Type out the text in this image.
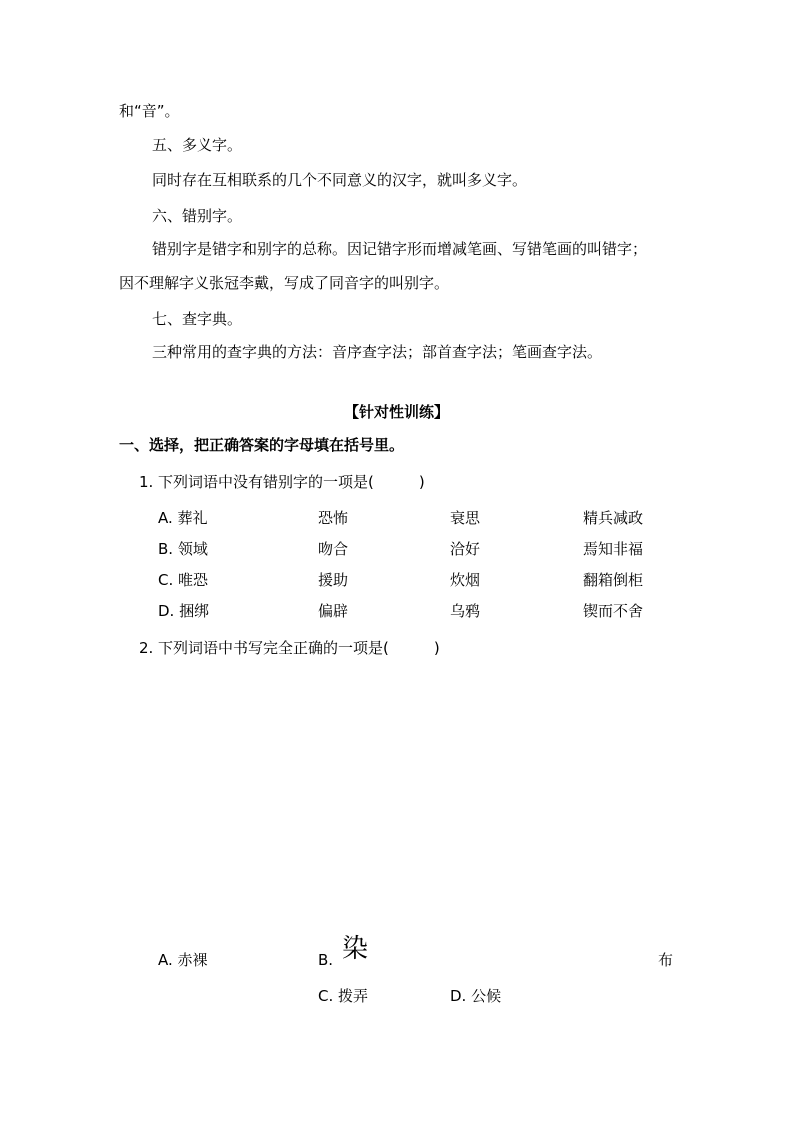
和“音”。
五、多义字。
同时存在互相联系的几个不同意义的汉字，就叫多义字。
六、错别字。
错别字是错字和别字的总称。因记错字形而增减笔画、写错笔画的叫错字；
因不理解字义张冠李戴，写成了同音字的叫别字。
七、查字典。
三种常用的查字典的方法：音序查字法；部首查字法；笔画查字法。
【针对性训练】
一、选择，把正确答案的字母填在括号里。
1. 下列词语中没有错别字的一项是(　　　)
A. 葬礼	恐怖	衰思	精兵减政
B. 领域	吻合	洽好	焉知非福
C. 唯恐	援助	炊烟	翻箱倒柜
D. 捆绑	偏辟	乌鸦	锲而不舍
2. 下列词语中书写完全正确的一项是(　　　)
A. 赤裸	B. 染	布
C. 拨弄	D. 公候
